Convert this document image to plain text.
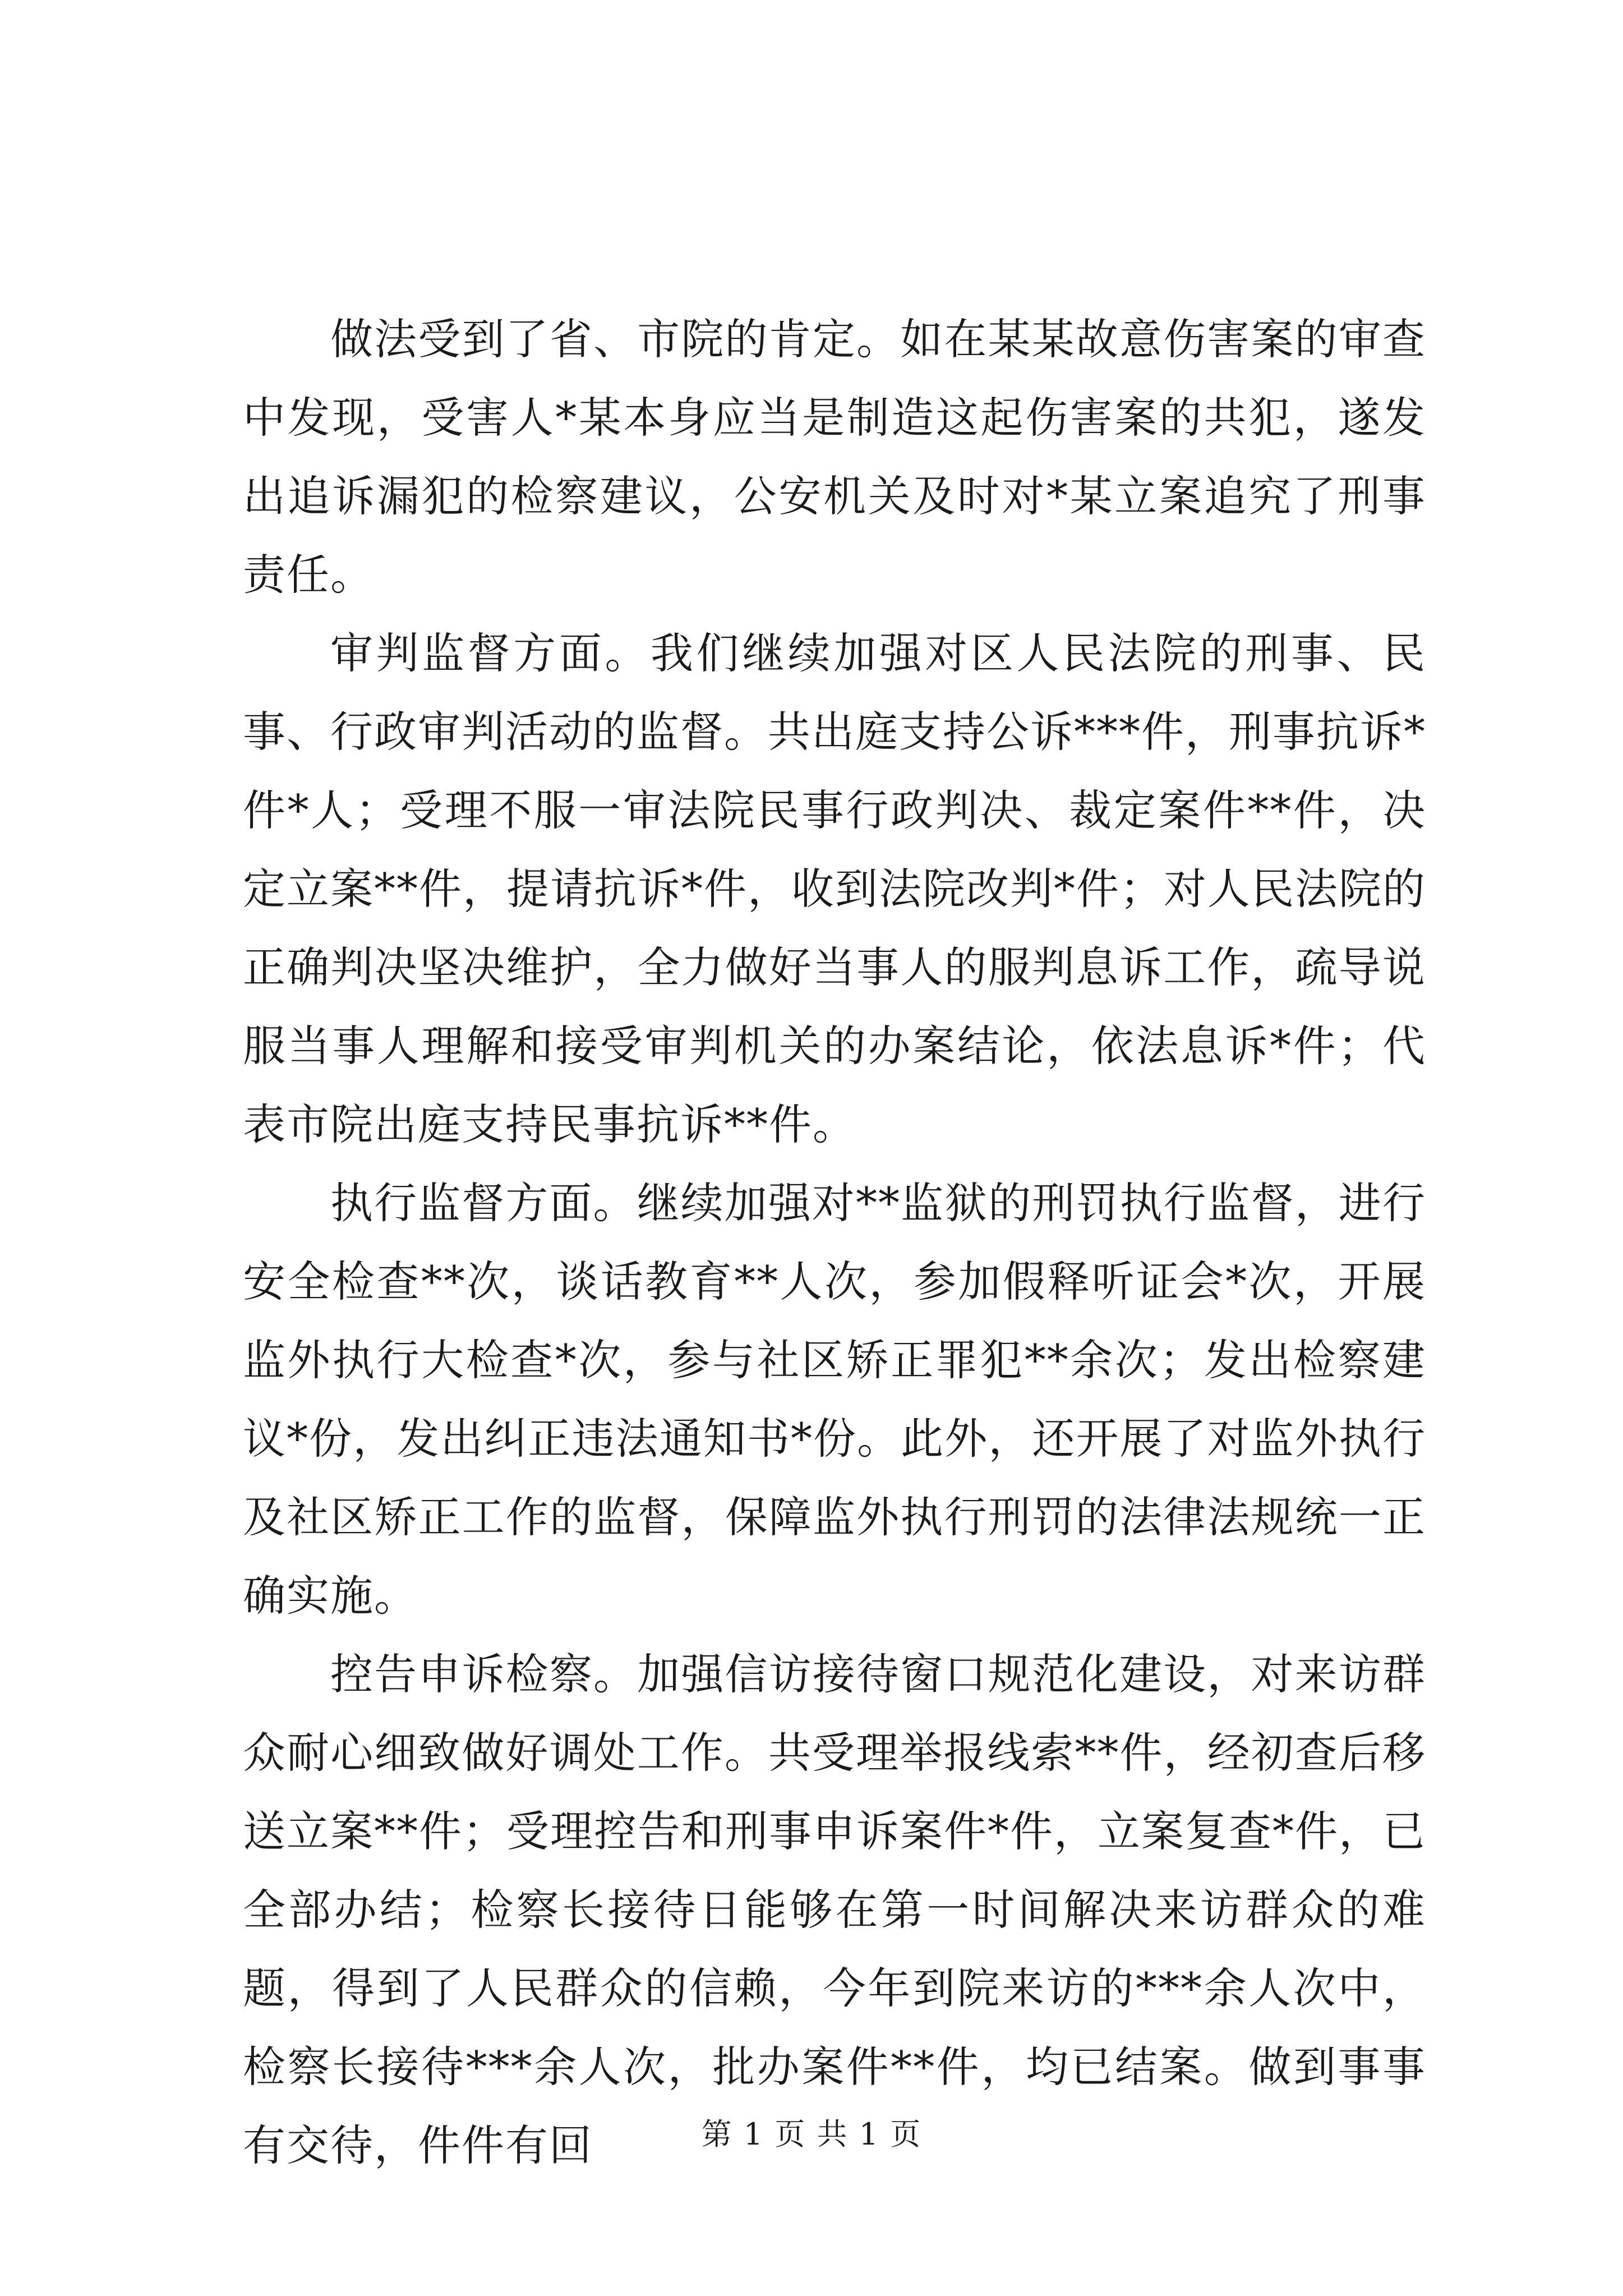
做法受到了省、市院的肯定。如在某某故意伤害案的审查中发现，受害人*某本身应当是制造这起伤害案的共犯，遂发出追诉漏犯的检察建议，公安机关及时对*某立案追究了刑事责任。

审判监督方面。我们继续加强对区人民法院的刑事、民事、行政审判活动的监督。共出庭支持公诉***件，刑事抗诉*件*人；受理不服一审法院民事行政判决、裁定案件**件，决定立案**件，提请抗诉*件，收到法院改判*件；对人民法院的正确判决坚决维护，全力做好当事人的服判息诉工作，疏导说服当事人理解和接受审判机关的办案结论，依法息诉*件；代表市院出庭支持民事抗诉**件。

执行监督方面。继续加强对**监狱的刑罚执行监督，进行安全检查**次，谈话教育**人次，参加假释听证会*次，开展监外执行大检查*次，参与社区矫正罪犯**余次；发出检察建议*份，发出纠正违法通知书*份。此外，还开展了对监外执行及社区矫正工作的监督，保障监外执行刑罚的法律法规统一正确实施。

控告申诉检察。加强信访接待窗口规范化建设，对来访群众耐心细致做好调处工作。共受理举报线索**件，经初查后移送立案**件；受理控告和刑事申诉案件*件，立案复查*件，已全部办结；检察长接待日能够在第一时间解决来访群众的难题，得到了人民群众的信赖，今年到院来访的***余人次中，检察长接待***余人次，批办案件**件，均已结案。做到事事有交待，件件有回	第 1 页 共 1 页
